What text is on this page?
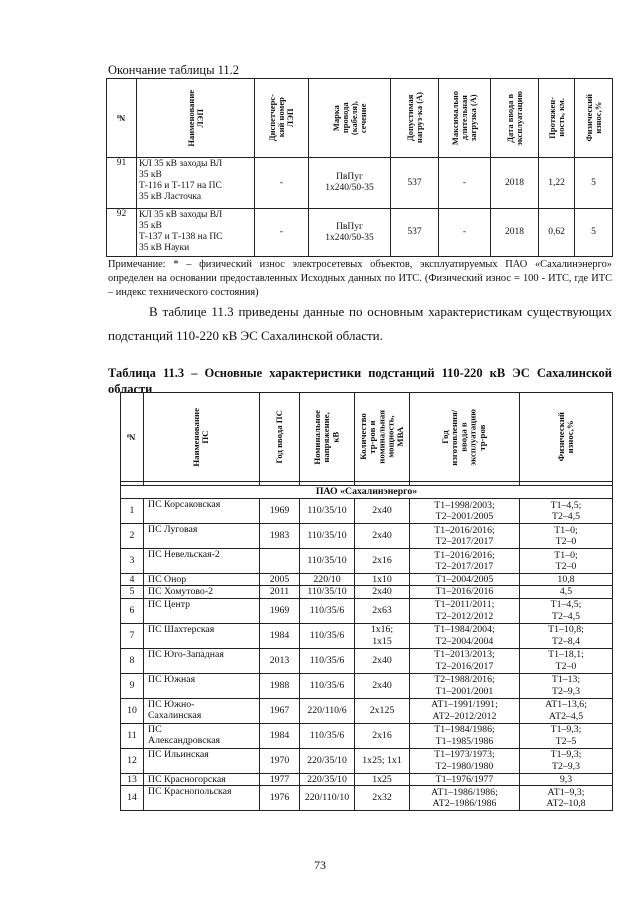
Окончание таблицы 11.2
№	Наименование
ЛЭП	Диспетчерс-
кий номер
ЛЭП	Марка
провода
(кабеля),
сечение	Допустимая
нагруз-ка (А)	Максимально
длительная
загрузка (А)	Дата ввода в
эксплуатацию	Протяжен-
ность, км.	Физический
износ,%

91	КЛ 35 кВ заходы ВЛ
35 кВ
Т-116 и Т-117 на ПС
35 кВ Ласточка	-	ПвПуг
1х240/50-35	537	-	2018	1,22	5
92	КЛ 35 кВ заходы ВЛ
35 кВ
Т-137 и Т-138 на ПС
35 кВ Науки	-	ПвПуг
1х240/50-35	537	-	2018	0,62	5
Примечание: * – физический износ электросетевых объектов, эксплуатируемых ПАО «Сахалинэнерго» определен на основании предоставленных Исходных данных по ИТС. (Физический износ = 100 - ИТС, где ИТС – индекс технического состояния)
В таблице 11.3 приведены данные по основным характеристикам существующих подстанций 110-220 кВ ЭС Сахалинской области.
Таблица 11.3 – Основные характеристики подстанций 110-220 кВ ЭС Сахалинской области
№	Наименование
ПС	Год ввода ПС	Номинальное
напряжение,
кВ	Количество
тр-ров и
номинальная
мощность,
МВА	Год
изготовления/
ввода в
эксплуатацию
тр-ров	Физический
износ,%

ПАО «Сахалинэнерго»						
1	ПС Корсаковская	1969	110/35/10	2х40	Т1–1998/2003;
Т2–2001/2005	Т1–4,5;
Т2–4,5
2	ПС Луговая	1983	110/35/10	2х40	Т1–2016/2016;
Т2–2017/2017	Т1–0;
Т2–0
3	ПС Невельская-2		110/35/10	2х16	Т1–2016/2016;
Т2–2017/2017	Т1–0;
Т2–0
4	ПС Онор	2005	220/10	1х10	Т1–2004/2005	10,8
5	ПС Хомутово-2	2011	110/35/10	2х40	Т1–2016/2016	4,5
6	ПС Центр	1969	110/35/6	2х63	Т1–2011/2011;
Т2–2012/2012	Т1–4,5;
Т2–4,5
7	ПС Шахтерская	1984	110/35/6	1х16;
1х15	Т1–1984/2004;
Т2–2004/2004	Т1–10,8;
Т2–8,4
8	ПС Юго-Западная	2013	110/35/6	2х40	Т1–2013/2013;
Т2–2016/2017	Т1–18,1;
Т2–0
9	ПС Южная	1988	110/35/6	2х40	Т2–1988/2016;
Т1–2001/2001	Т1–13;
Т2–9,3
10	ПС Южно-
Сахалинская	1967	220/110/6	2х125	АТ1–1991/1991;
АТ2–2012/2012	АТ1–13,6;
АТ2–4,5
11	ПС
Александровская	1984	110/35/6	2х16	Т1–1984/1986;
Т1–1985/1986	Т1–9,3;
Т2–5
12	ПС Ильинская	1970	220/35/10	1х25; 1х1	Т1–1973/1973;
Т2–1980/1980	Т1–9,3;
Т2–9,3
13	ПС Красногорская	1977	220/35/10	1х25	Т1–1976/1977	9,3
14	ПС Краснопольская	1976	220/110/10	2х32	АТ1–1986/1986;
АТ2–1986/1986	АТ1–9,3;
АТ2–10,8
73
